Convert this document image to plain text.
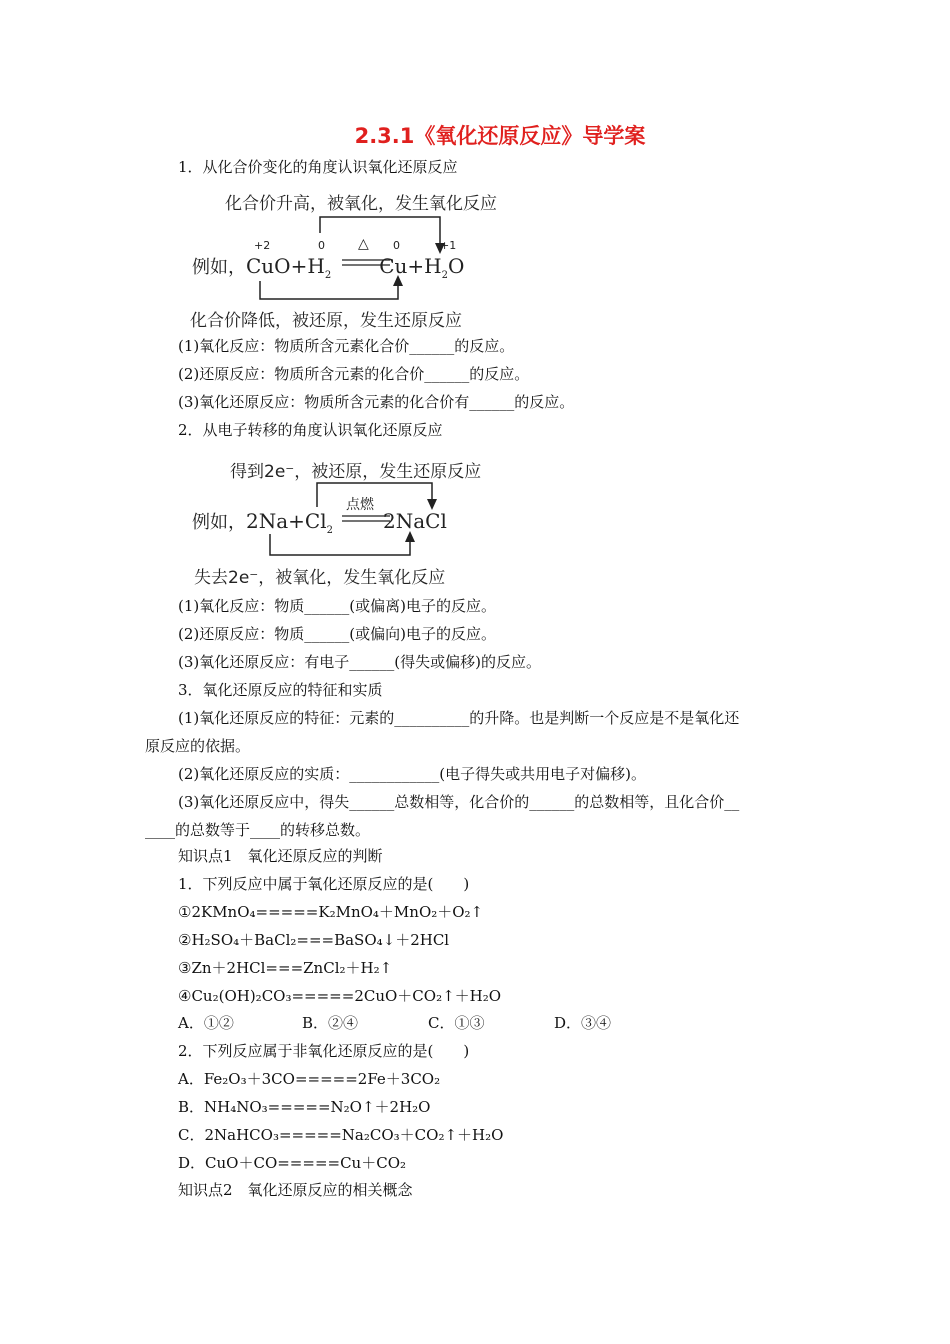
2.3.1《氧化还原反应》导学案
1．从化合价变化的角度认识氧化还原反应
化合价升高，被氧化，发生氧化反应
+2	0 △ 0	+1
例如，$CuO+H_2$ $Cu+H_2O$
化合价降低，被还原，发生还原反应
(1)氧化反应：物质所含元素化合价______的反应。
(2)还原反应：物质所含元素的化合价______的反应。
(3)氧化还原反应：物质所含元素的化合价有______的反应。
2．从电子转移的角度认识氧化还原反应
得到2e⁻，被还原，发生还原反应
点燃
例如，$2Na+Cl_2$	2NaCl
失去2e⁻，被氧化，发生氧化反应
(1)氧化反应：物质______(或偏离)电子的反应。
(2)还原反应：物质______(或偏向)电子的反应。
(3)氧化还原反应：有电子______(得失或偏移)的反应。
3．氧化还原反应的特征和实质
(1)氧化还原反应的特征：元素的__________的升降。也是判断一个反应是不是氧化还
原反应的依据。
(2)氧化还原反应的实质：____________(电子得失或共用电子对偏移)。
(3)氧化还原反应中，得失______总数相等，化合价的______的总数相等，且化合价__
____的总数等于____的转移总数。
知识点1　氧化还原反应的判断
1．下列反应中属于氧化还原反应的是(　　)
①2KMnO₄=====K₂MnO₄＋MnO₂＋O₂↑
②H₂SO₄＋BaCl₂===BaSO₄↓＋2HCl
③Zn＋2HCl===ZnCl₂＋H₂↑
④Cu₂(OH)₂CO₃=====2CuO＋CO₂↑＋H₂O
A．①②	B．②④	C．①③	D．③④
2．下列反应属于非氧化还原反应的是(　　)
A．Fe₂O₃＋3CO=====2Fe＋3CO₂
B．NH₄NO₃=====N₂O↑＋2H₂O
C．2NaHCO₃=====Na₂CO₃＋CO₂↑＋H₂O
D．CuO＋CO=====Cu＋CO₂
知识点2　氧化还原反应的相关概念
